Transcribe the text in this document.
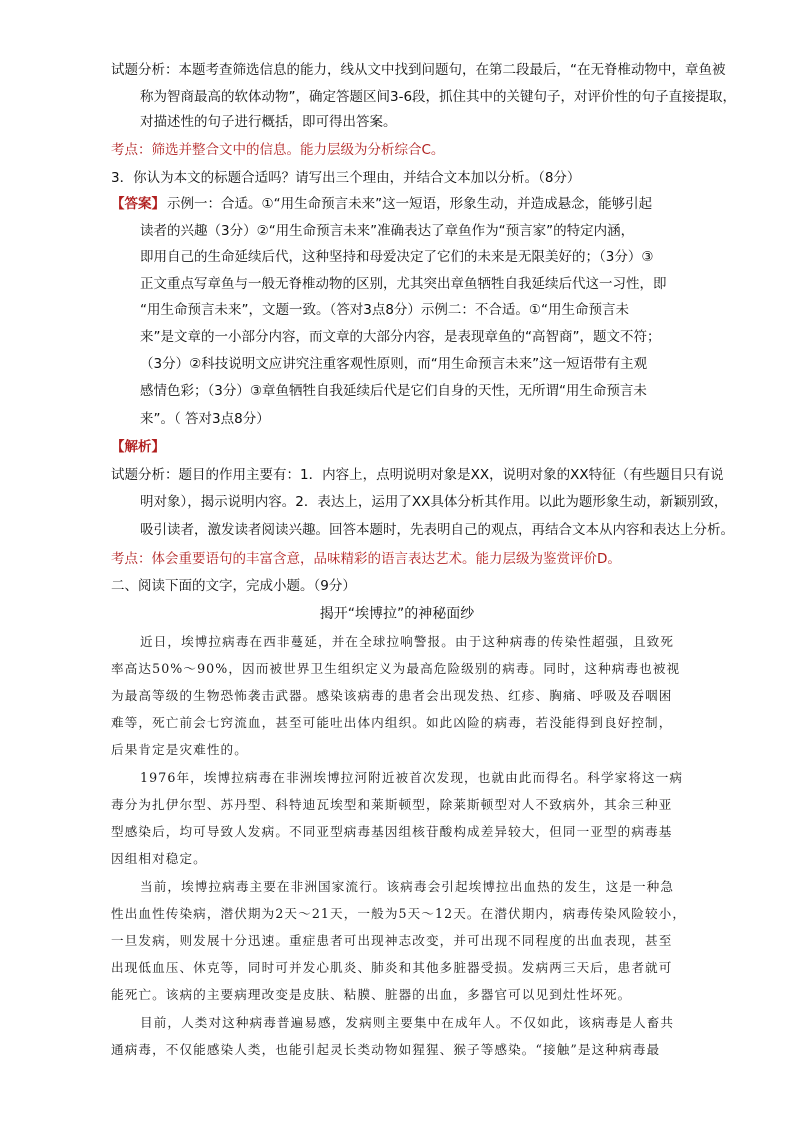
试题分析：本题考查筛选信息的能力，线从文中找到问题句，在第二段最后，“在无脊椎动物中，章鱼被
称为智商最高的软体动物”，确定答题区间3-6段，抓住其中的关键句子，对评价性的句子直接提取，
对描述性的句子进行概括，即可得出答案。
考点：筛选并整合文中的信息。能力层级为分析综合C。
3．你认为本文的标题合适吗？请写出三个理由，并结合文本加以分析。（8分）
【答案】 示例一：合适。①“用生命预言未来”这一短语，形象生动，并造成悬念，能够引起
读者的兴趣（3分）②“用生命预言未来”准确表达了章鱼作为“预言家”的特定内涵，
即用自己的生命延续后代，这种坚持和母爱决定了它们的未来是无限美好的；（3分）③
正文重点写章鱼与一般无脊椎动物的区别，尤其突出章鱼牺牲自我延续后代这一习性，即
“用生命预言未来”，文题一致。（答对3点8分）示例二：不合适。①“用生命预言未
来”是文章的一小部分内容，而文章的大部分内容，是表现章鱼的“高智商”，题文不符；
（3分）②科技说明文应讲究注重客观性原则，而“用生命预言未来”这一短语带有主观
感情色彩；（3分）③章鱼牺牲自我延续后代是它们自身的天性，无所谓“用生命预言未
来”。（ 答对3点8分）
【解析】
试题分析：题目的作用主要有：1．内容上，点明说明对象是XX，说明对象的XX特征（有些题目只有说
明对象），揭示说明内容。2．表达上，运用了XX具体分析其作用。以此为题形象生动，新颖别致，
吸引读者，激发读者阅读兴趣。回答本题时，先表明自己的观点，再结合文本从内容和表达上分析。
考点：体会重要语句的丰富含意，品味精彩的语言表达艺术。能力层级为鉴赏评价D。
二、阅读下面的文字，完成小题。（9分）
揭开“埃博拉”的神秘面纱
近日，埃博拉病毒在西非蔓延，并在全球拉响警报。由于这种病毒的传染性超强，且致死
率高达50%～90%，因而被世界卫生组织定义为最高危险级别的病毒。同时，这种病毒也被视
为最高等级的生物恐怖袭击武器。感染该病毒的患者会出现发热、红疹、胸痛、呼吸及吞咽困
难等，死亡前会七窍流血，甚至可能吐出体内组织。如此凶险的病毒，若没能得到良好控制，
后果肯定是灾难性的。
1976年，埃博拉病毒在非洲埃博拉河附近被首次发现，也就由此而得名。科学家将这一病
毒分为扎伊尔型、苏丹型、科特迪瓦埃型和莱斯顿型，除莱斯顿型对人不致病外，其余三种亚
型感染后，均可导致人发病。不同亚型病毒基因组核苷酸构成差异较大，但同一亚型的病毒基
因组相对稳定。
当前，埃博拉病毒主要在非洲国家流行。该病毒会引起埃博拉出血热的发生，这是一种急
性出血性传染病，潜伏期为2天～21天，一般为5天～12天。在潜伏期内，病毒传染风险较小，
一旦发病，则发展十分迅速。重症患者可出现神志改变，并可出现不同程度的出血表现，甚至
出现低血压、休克等，同时可并发心肌炎、肺炎和其他多脏器受损。发病两三天后，患者就可
能死亡。该病的主要病理改变是皮肤、粘膜、脏器的出血，多器官可以见到灶性坏死。
目前，人类对这种病毒普遍易感，发病则主要集中在成年人。不仅如此，该病毒是人畜共
通病毒，不仅能感染人类，也能引起灵长类动物如猩猩、猴子等感染。“接触”是这种病毒最
